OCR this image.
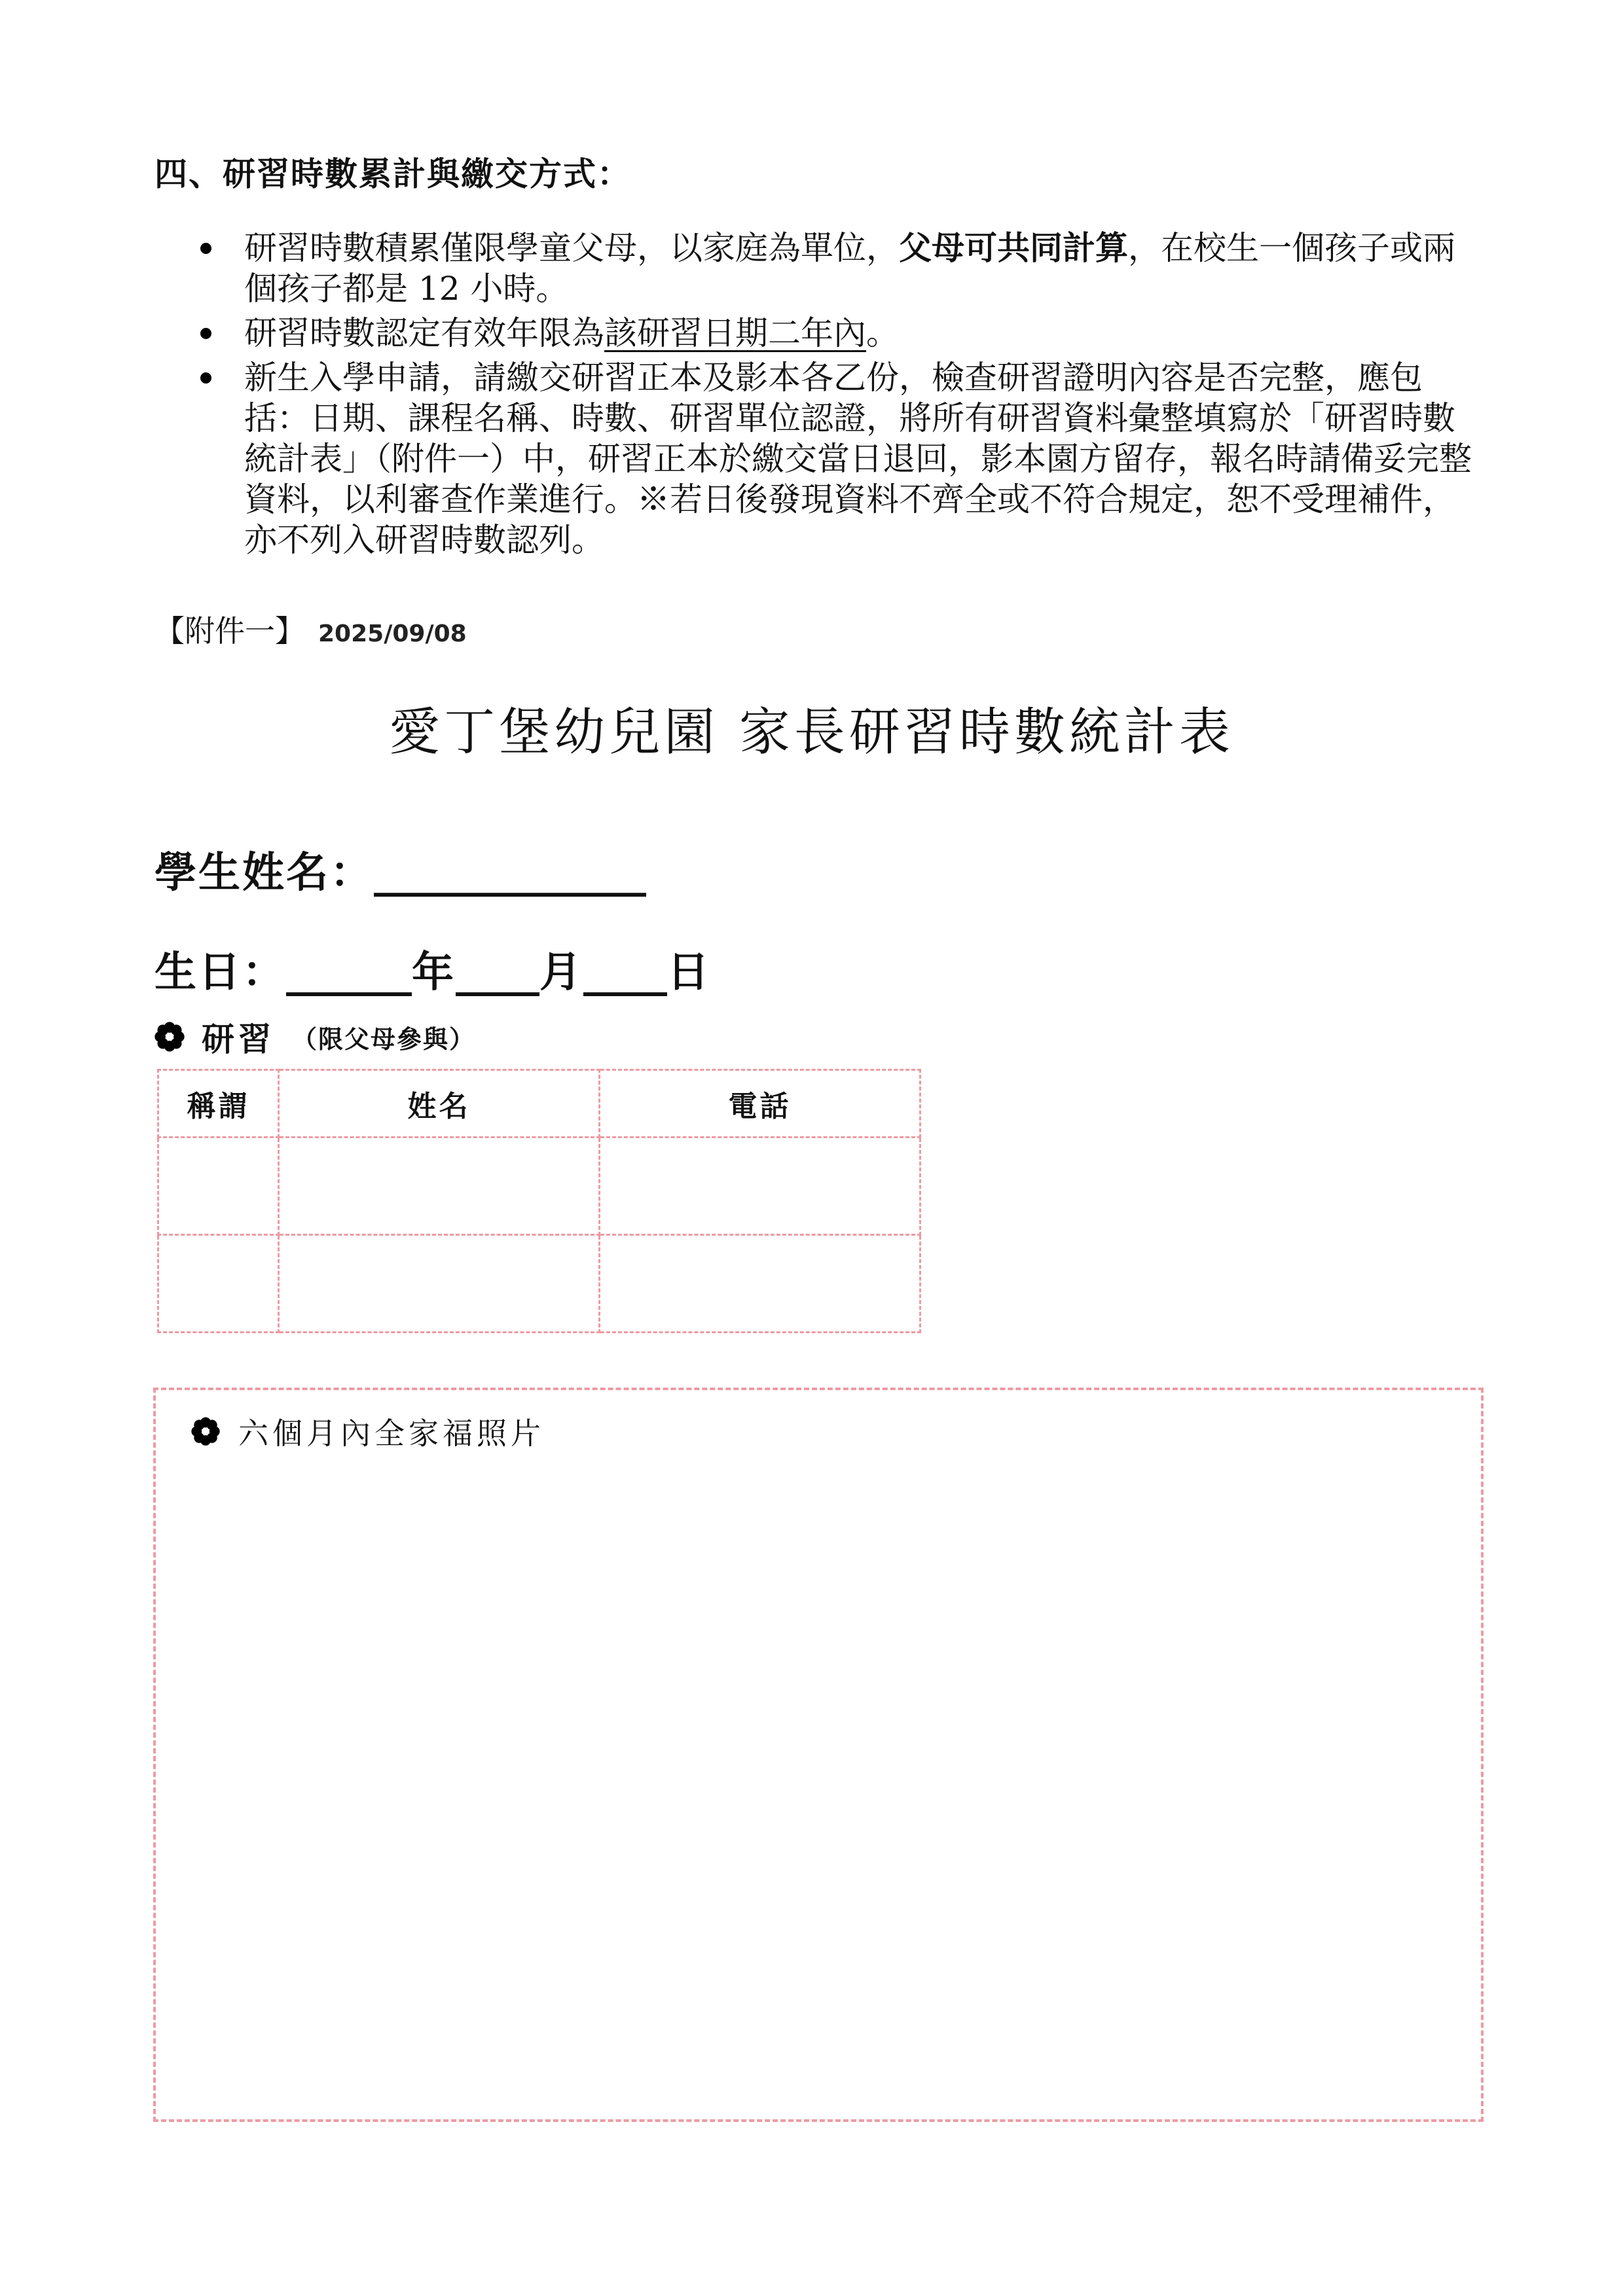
四、研習時數累計與繳交方式：

研習時數積累僅限學童父母，以家庭為單位，父母可共同計算，在校生一個孩子或兩個孩子都是 12 小時。

研習時數認定有效年限為該研習日期二年內。

新生入學申請，請繳交研習正本及影本各乙份，檢查研習證明內容是否完整，應包括：日期、課程名稱、時數、研習單位認證，將所有研習資料彙整填寫於「研習時數統計表」（附件一）中，研習正本於繳交當日退回，影本園方留存，報名時請備妥完整資料，以利審查作業進行。※若日後發現資料不齊全或不符合規定，恕不受理補件，亦不列入研習時數認列。

【附件一】 2025/09/08
愛丁堡幼兒園 家長研習時數統計表
學生姓名：_____________
生日：______年____月____日
研習 （限父母參與）
稱謂	姓名	電話

六個月內全家福照片
